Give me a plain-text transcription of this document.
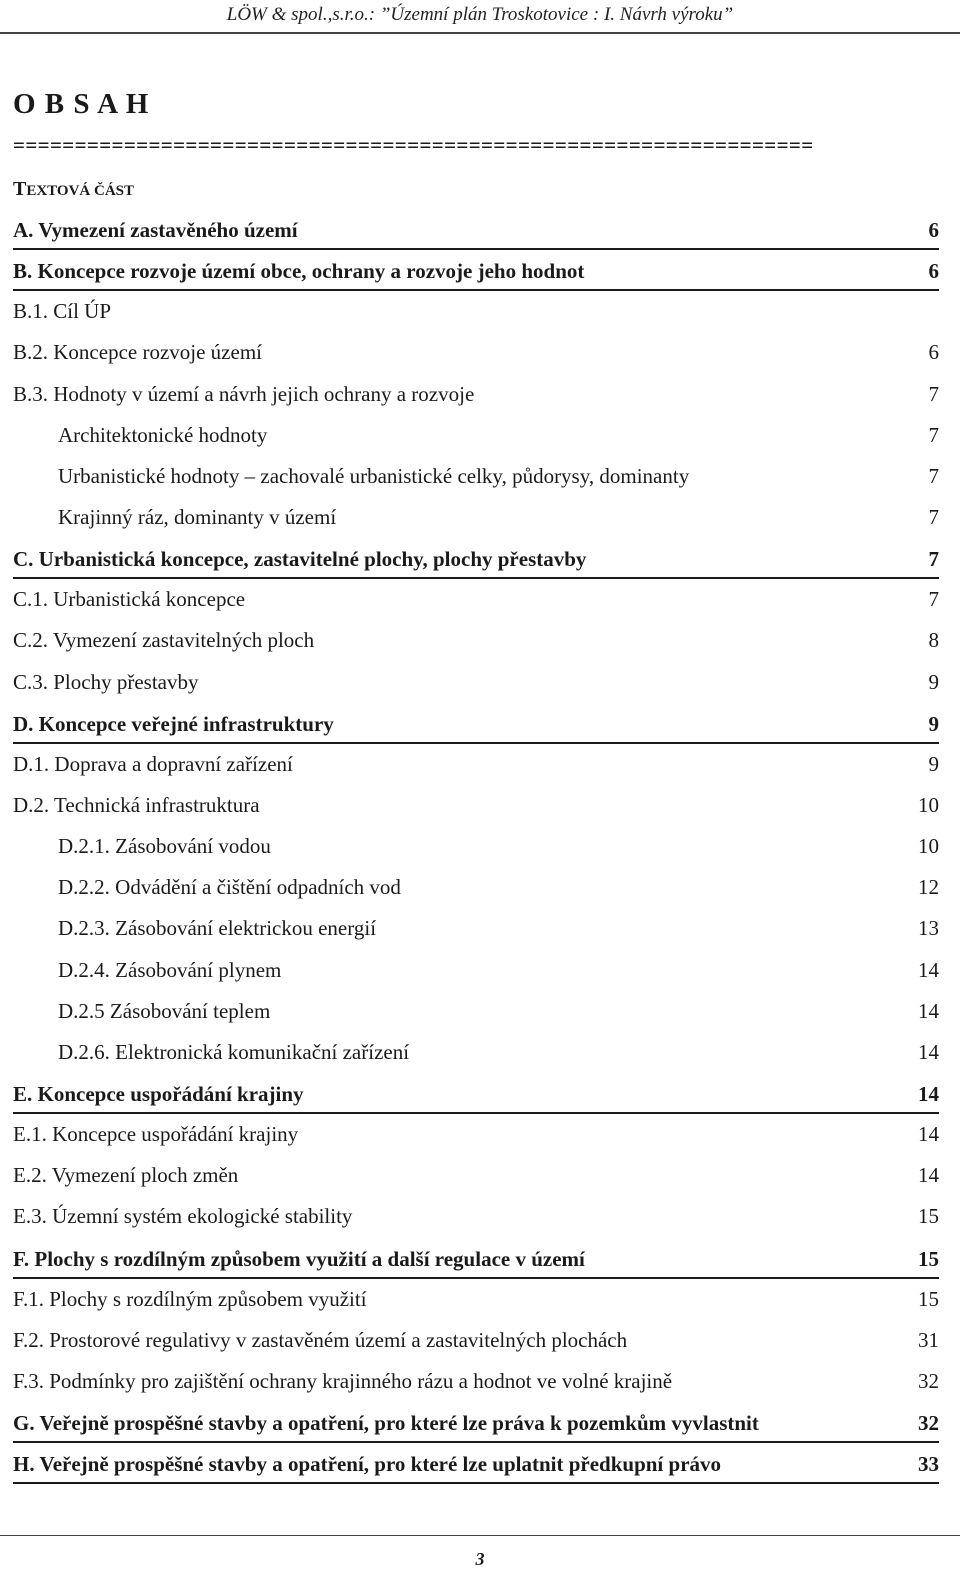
LÖW & spol.,s.r.o.: ”Územní plán Troskotovice : I. Návrh výroku”
O B S A H
=================================================================
TEXTOVÁ ČÁST
A. Vymezení zastavěného území	6
B. Koncepce rozvoje území obce, ochrany a rozvoje jeho hodnot	6
B.1. Cíl ÚP
B.2. Koncepce rozvoje území	6
B.3. Hodnoty v území a návrh jejich ochrany a rozvoje	7
Architektonické hodnoty	7
Urbanistické hodnoty – zachovalé urbanistické celky, půdorysy, dominanty	7
Krajinný ráz, dominanty v území	7
C. Urbanistická koncepce, zastavitelné plochy, plochy přestavby	7
C.1. Urbanistická koncepce	7
C.2. Vymezení zastavitelných ploch	8
C.3. Plochy přestavby	9
D. Koncepce veřejné infrastruktury	9
D.1. Doprava a dopravní zařízení	9
D.2. Technická infrastruktura	10
D.2.1. Zásobování vodou	10
D.2.2. Odvádění a čištění odpadních vod	12
D.2.3. Zásobování elektrickou energií	13
D.2.4. Zásobování plynem	14
D.2.5 Zásobování teplem	14
D.2.6. Elektronická komunikační zařízení	14
E. Koncepce uspořádání krajiny	14
E.1. Koncepce uspořádání krajiny	14
E.2. Vymezení ploch změn	14
E.3. Územní systém ekologické stability	15
F. Plochy s rozdílným způsobem využití a další regulace v území	15
F.1. Plochy s rozdílným způsobem využití	15
F.2. Prostorové regulativy v zastavěném území a zastavitelných plochách	31
F.3. Podmínky pro zajištění ochrany krajinného rázu a hodnot ve volné krajině	32
G. Veřejně prospěšné stavby a opatření, pro které lze práva k pozemkům vyvlastnit	32
H. Veřejně prospěšné stavby a opatření, pro které lze uplatnit předkupní právo	33
3
